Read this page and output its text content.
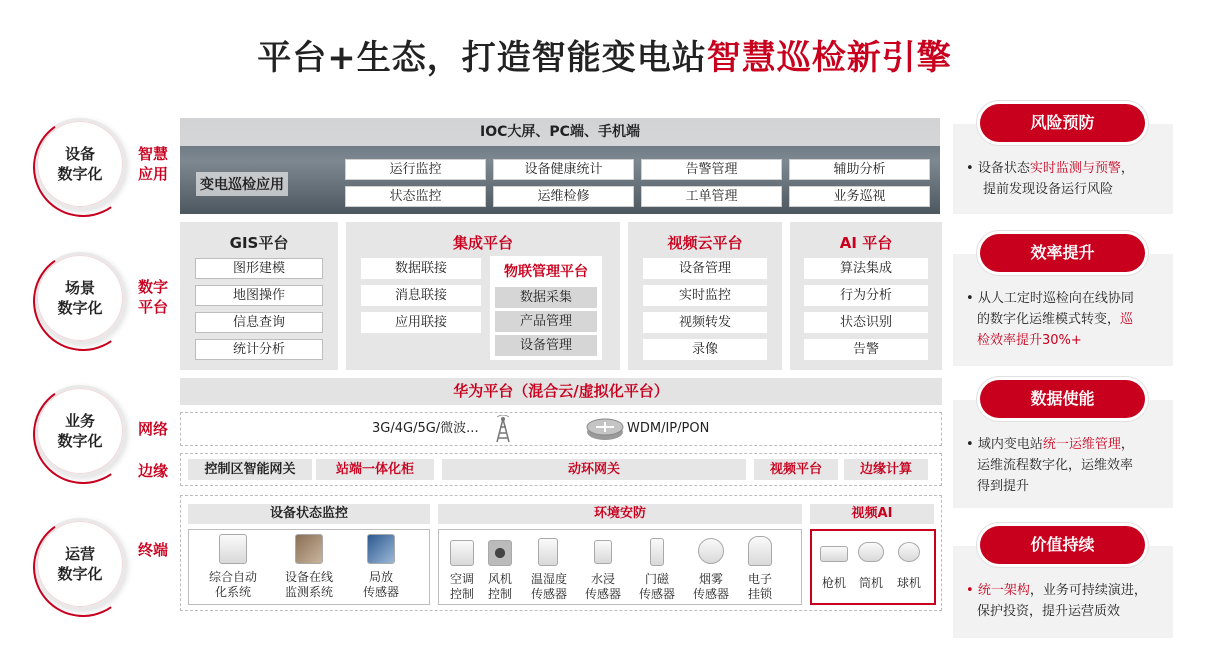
平台+生态，打造智能变电站智慧巡检新引擎
设备
数字化
场景
数字化
业务
数字化
运营
数字化
智慧
应用
数字
平台
网络
边缘
终端
IOC大屏、PC端、手机端
变电巡检应用
运行监控	设备健康统计	告警管理	辅助分析
状态监控	运维检修	工单管理	业务巡视
GIS平台
图形建模
地图操作
信息查询
统计分析
集成平台
数据联接
消息联接
应用联接
物联管理平台
数据采集
产品管理
设备管理
视频云平台
设备管理
实时监控
视频转发
录像
AI 平台
算法集成
行为分析
状态识别
告警
华为平台（混合云/虚拟化平台）
3G/4G/5G/微波...	WDM/IP/PON
控制区智能网关	站端一体化柜	动环网关	视频平台	边缘计算
设备状态监控	环境安防	视频AI
综合自动
化系统
设备在线
监测系统
局放
传感器
空调
控制
风机
控制
温湿度
传感器
水浸
传感器
门磁
传感器
烟雾
传感器
电子
挂锁
枪机	筒机	球机
风险预防
• 设备状态实时监测与预警，
提前发现设备运行风险
效率提升
• 从人工定时巡检向在线协同
的数字化运维模式转变，巡
检效率提升30%+
数据使能
• 域内变电站统一运维管理，
运维流程数字化，运维效率
得到提升
价值持续
• 统一架构，业务可持续演进，
保护投资，提升运营质效
